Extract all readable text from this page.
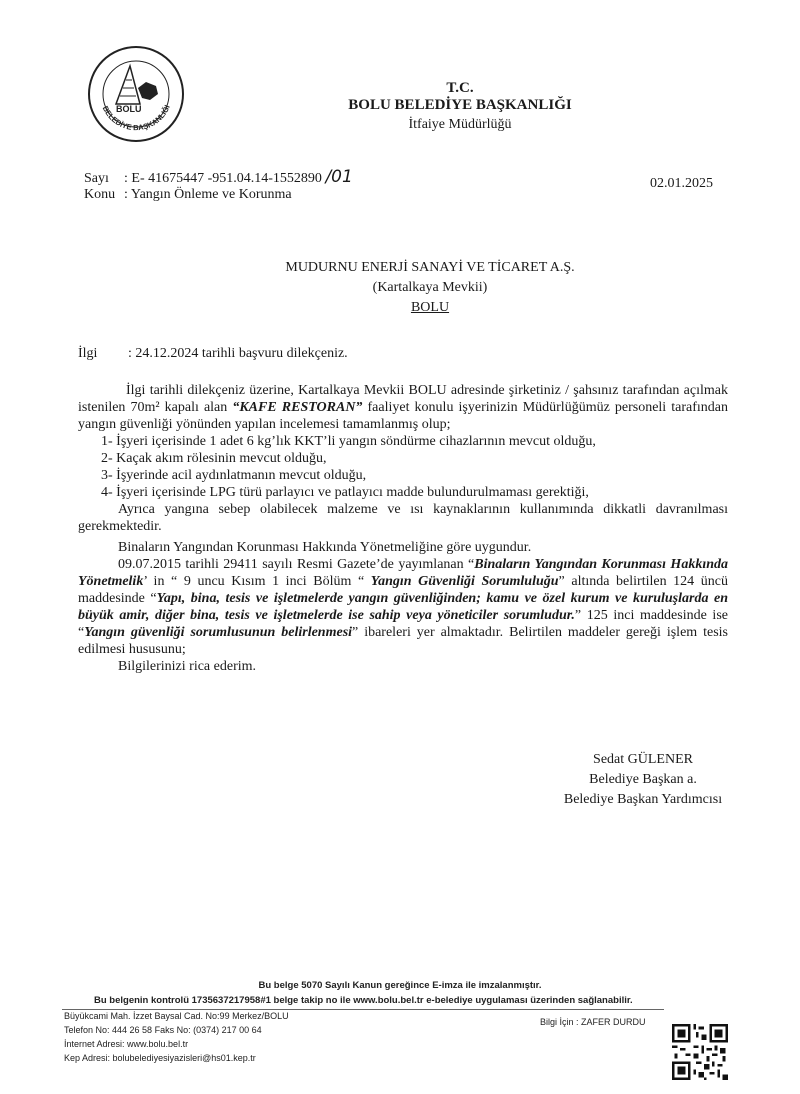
BOLU
BELEDİYE BAŞKANLIĞI
T.C.
BOLU BELEDİYE BAŞKANLIĞI
İtfaiye Müdürlüğü
Sayı : E- 41675447 -951.04.14-1552890 /01
Konu : Yangın Önleme ve Korunma
02.01.2025
MUDURNU ENERJİ SANAYİ VE TİCARET A.Ş.
(Kartalkaya Mevkii)
BOLU
İlgi : 24.12.2024 tarihli başvuru dilekçeniz.

İlgi tarihli dilekçeniz üzerine, Kartalkaya Mevkii BOLU adresinde şirketiniz / şahsınız tarafından açılmak istenilen 70m² kapalı alan “KAFE RESTORAN” faaliyet konulu işyerinizin Müdürlüğümüz personeli tarafından yangın güvenliği yönünden yapılan incelemesi tamamlanmış olup;

1- İşyeri içerisinde 1 adet 6 kg’lık KKT’li yangın söndürme cihazlarının mevcut olduğu,

2- Kaçak akım rölesinin mevcut olduğu,

3- İşyerinde acil aydınlatmanın mevcut olduğu,

4- İşyeri içerisinde LPG türü parlayıcı ve patlayıcı madde bulundurulmaması gerektiği,

Ayrıca yangına sebep olabilecek malzeme ve ısı kaynaklarının kullanımında dikkatli davranılması gerekmektedir.

Binaların Yangından Korunması Hakkında Yönetmeliğine göre uygundur.

09.07.2015 tarihli 29411 sayılı Resmi Gazete’de yayımlanan “Binaların Yangından Korunması Hakkında Yönetmelik’ in “ 9 uncu Kısım 1 inci Bölüm “ Yangın Güvenliği Sorumluluğu” altında belirtilen 124 üncü maddesinde “Yapı, bina, tesis ve işletmelerde yangın güvenliğinden; kamu ve özel kurum ve kuruluşlarda en büyük amir, diğer bina, tesis ve işletmelerde ise sahip veya yöneticiler sorumludur.” 125 inci maddesinde ise “Yangın güvenliği sorumlusunun belirlenmesi” ibareleri yer almaktadır. Belirtilen maddeler gereği işlem tesis edilmesi hususunu;

Bilgilerinizi rica ederim.

Sedat GÜLENER
Belediye Başkan a.
Belediye Başkan Yardımcısı
Bu belge 5070 Sayılı Kanun gereğince E-imza ile imzalanmıştır.
Bu belgenin kontrolü 1735637217958#1 belge takip no ile www.bolu.bel.tr e-belediye uygulaması üzerinden sağlanabilir.
Büyükcami Mah. İzzet Baysal Cad. No:99 Merkez/BOLU
Telefon No: 444 26 58 Faks No: (0374) 217 00 64
İnternet Adresi: www.bolu.bel.tr
Kep Adresi: bolubelediyesiyazisleri@hs01.kep.tr
Bilgi İçin : ZAFER DURDU
